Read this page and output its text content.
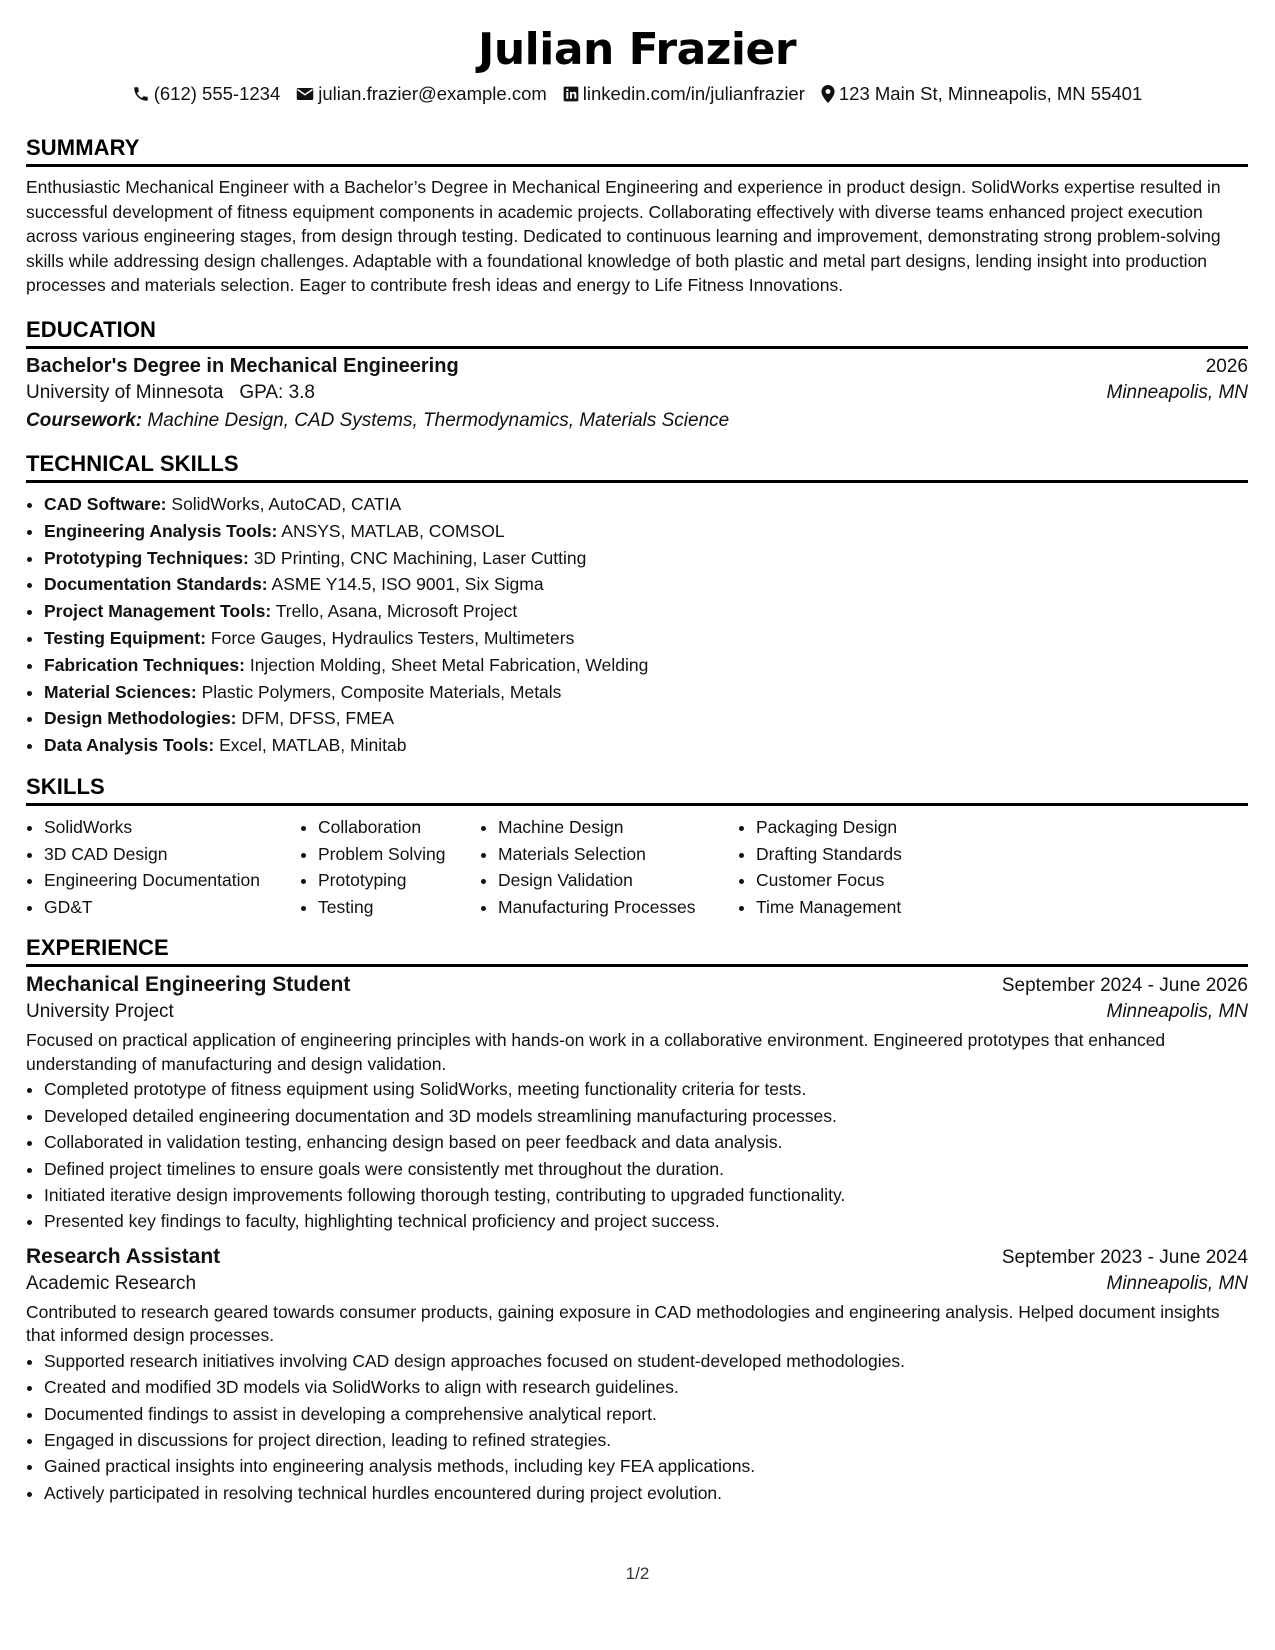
Julian Frazier
(612) 555-1234 julian.frazier@example.com linkedin.com/in/julianfrazier 123 Main St, Minneapolis, MN 55401
SUMMARY
Enthusiastic Mechanical Engineer with a Bachelor’s Degree in Mechanical Engineering and experience in product design. SolidWorks expertise resulted in successful development of fitness equipment components in academic projects. Collaborating effectively with diverse teams enhanced project execution across various engineering stages, from design through testing. Dedicated to continuous learning and improvement, demonstrating strong problem-solving skills while addressing design challenges. Adaptable with a foundational knowledge of both plastic and metal part designs, lending insight into production processes and materials selection. Eager to contribute fresh ideas and energy to Life Fitness Innovations.
EDUCATION
Bachelor's Degree in Mechanical Engineering	2026
University of Minnesota GPA: 3.8	Minneapolis, MN
Coursework: Machine Design, CAD Systems, Thermodynamics, Materials Science
TECHNICAL SKILLS
• CAD Software: SolidWorks, AutoCAD, CATIA
• Engineering Analysis Tools: ANSYS, MATLAB, COMSOL
• Prototyping Techniques: 3D Printing, CNC Machining, Laser Cutting
• Documentation Standards: ASME Y14.5, ISO 9001, Six Sigma
• Project Management Tools: Trello, Asana, Microsoft Project
• Testing Equipment: Force Gauges, Hydraulics Testers, Multimeters
• Fabrication Techniques: Injection Molding, Sheet Metal Fabrication, Welding
• Material Sciences: Plastic Polymers, Composite Materials, Metals
• Design Methodologies: DFM, DFSS, FMEA
• Data Analysis Tools: Excel, MATLAB, Minitab
SKILLS
• SolidWorks
• 3D CAD Design
• Engineering Documentation
• GD&T
• Collaboration
• Problem Solving
• Prototyping
• Testing
• Machine Design
• Materials Selection
• Design Validation
• Manufacturing Processes
• Packaging Design
• Drafting Standards
• Customer Focus
• Time Management
EXPERIENCE
Mechanical Engineering Student	September 2024 - June 2026
University Project	Minneapolis, MN
Focused on practical application of engineering principles with hands-on work in a collaborative environment. Engineered prototypes that enhanced understanding of manufacturing and design validation.
• Completed prototype of fitness equipment using SolidWorks, meeting functionality criteria for tests.
• Developed detailed engineering documentation and 3D models streamlining manufacturing processes.
• Collaborated in validation testing, enhancing design based on peer feedback and data analysis.
• Defined project timelines to ensure goals were consistently met throughout the duration.
• Initiated iterative design improvements following thorough testing, contributing to upgraded functionality.
• Presented key findings to faculty, highlighting technical proficiency and project success.
Research Assistant	September 2023 - June 2024
Academic Research	Minneapolis, MN
Contributed to research geared towards consumer products, gaining exposure in CAD methodologies and engineering analysis. Helped document insights that informed design processes.
• Supported research initiatives involving CAD design approaches focused on student-developed methodologies.
• Created and modified 3D models via SolidWorks to align with research guidelines.
• Documented findings to assist in developing a comprehensive analytical report.
• Engaged in discussions for project direction, leading to refined strategies.
• Gained practical insights into engineering analysis methods, including key FEA applications.
• Actively participated in resolving technical hurdles encountered during project evolution.
1/2
